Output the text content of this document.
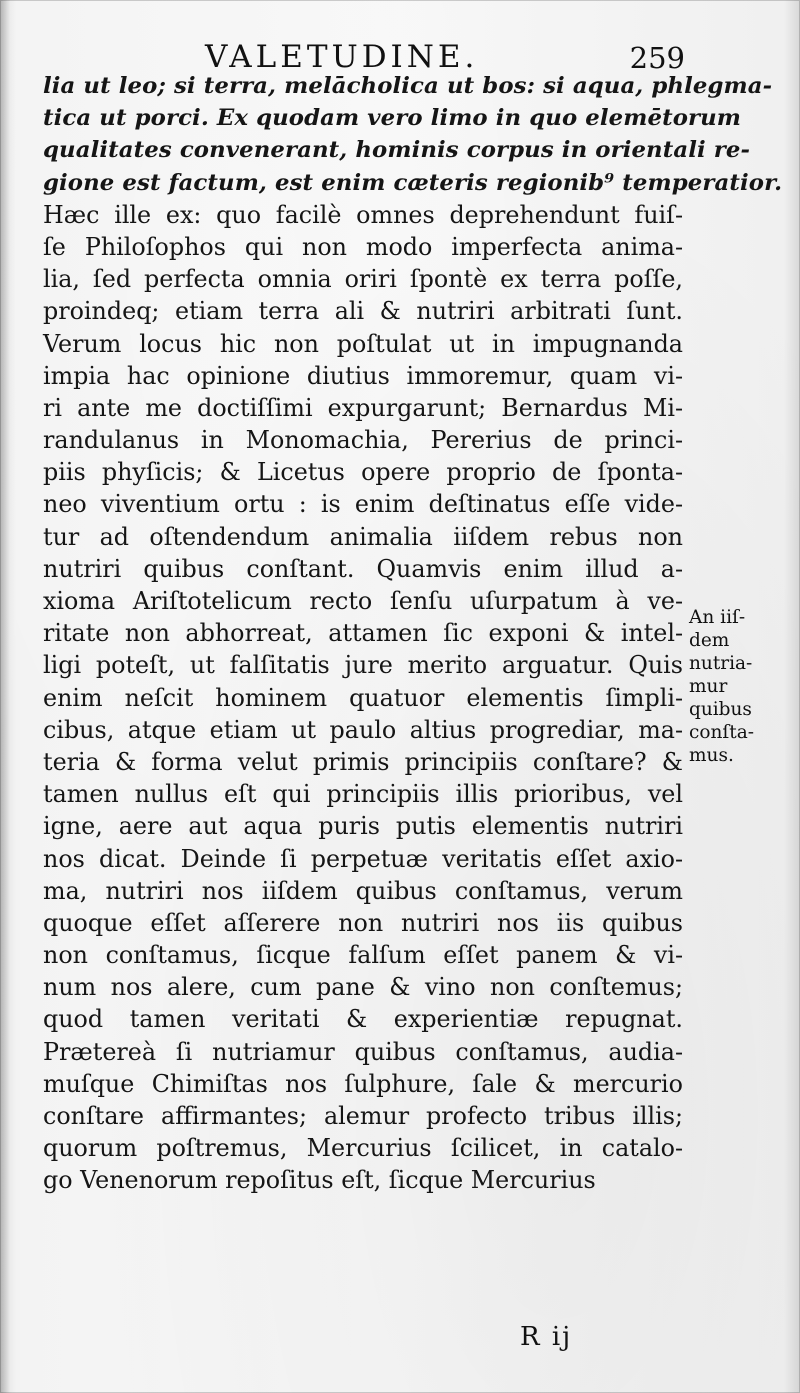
VALETUDINE.	259
lia ut leo; si terra, melācholica ut bos: si aqua, phlegma-
tica ut porci. Ex quodam vero limo in quo elemētorum
qualitates convenerant, hominis corpus in orientali re-
gione est factum, est enim cæteris regionib⁹ temperatior.
Hæc ille ex: quo facilè omnes deprehendunt fuiſ-
ſe Philoſophos qui non modo imperfecta anima-
lia, ſed perfecta omnia oriri ſpontè ex terra poſſe,
proindeq; etiam terra ali & nutriri arbitrati ſunt.
Verum locus hic non poſtulat ut in impugnanda
impia hac opinione diutius immoremur, quam vi-
ri ante me doctiſſimi expurgarunt; Bernardus Mi-
randulanus in Monomachia, Pererius de princi-
piis phyſicis; & Licetus opere proprio de ſponta-
neo viventium ortu : is enim deſtinatus eſſe vide-
tur ad oſtendendum animalia iiſdem rebus non
nutriri quibus conſtant. Quamvis enim illud a-
xioma Ariſtotelicum recto ſenſu uſurpatum à ve-
ritate non abhorreat, attamen ſic exponi & intel-
ligi poteſt, ut falſitatis jure merito arguatur. Quis
enim neſcit hominem quatuor elementis ſimpli-
cibus, atque etiam ut paulo altius progrediar, ma-
teria & forma velut primis principiis conſtare? &
tamen nullus eſt qui principiis illis prioribus, vel
igne, aere aut aqua puris putis elementis nutriri
nos dicat. Deinde ſi perpetuæ veritatis eſſet axio-
ma, nutriri nos iiſdem quibus conſtamus, verum
quoque eſſet aſſerere non nutriri nos iis quibus
non conſtamus, ſicque falſum eſſet panem & vi-
num nos alere, cum pane & vino non conſtemus;
quod tamen veritati & experientiæ repugnat.
Prætereà ſi nutriamur quibus conſtamus, audia-
muſque Chimiſtas nos ſulphure, ſale & mercurio
conſtare affirmantes; alemur profecto tribus illis;
quorum poſtremus, Mercurius ſcilicet, in catalo-
go Venenorum repoſitus eſt, ſicque Mercurius
An iiſ-
dem
nutria-
mur
quibus
conſta-
mus.
R ij
